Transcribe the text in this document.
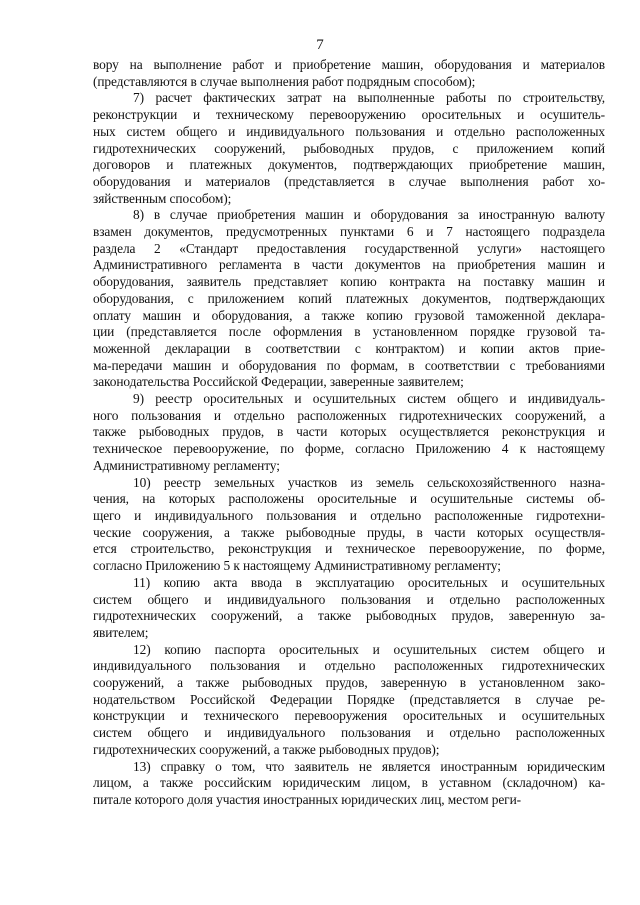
7
вору на выполнение работ и приобретение машин, оборудования и материалов
(представляются в случае выполнения работ подрядным способом);
7) расчет фактических затрат на выполненные работы по строительству,
реконструкции и техническому перевооружению оросительных и осушитель-
ных систем общего и индивидуального пользования и отдельно расположенных
гидротехнических сооружений, рыбоводных прудов, с приложением копий
договоров и платежных документов, подтверждающих приобретение машин,
оборудования и материалов (представляется в случае выполнения работ хо-
зяйственным способом);
8) в случае приобретения машин и оборудования за иностранную валюту
взамен документов, предусмотренных пунктами 6 и 7 настоящего подраздела
раздела 2 «Стандарт предоставления государственной услуги» настоящего
Административного регламента в части документов на приобретения машин и
оборудования, заявитель представляет копию контракта на поставку машин и
оборудования, с приложением копий платежных документов, подтверждающих
оплату машин и оборудования, а также копию грузовой таможенной деклара-
ции (представляется после оформления в установленном порядке грузовой та-
моженной декларации в соответствии с контрактом) и копии актов прие-
ма-передачи машин и оборудования по формам, в соответствии с требованиями
законодательства Российской Федерации, заверенные заявителем;
9) реестр оросительных и осушительных систем общего и индивидуаль-
ного пользования и отдельно расположенных гидротехнических сооружений, а
также рыбоводных прудов, в части которых осуществляется реконструкция и
техническое перевооружение, по форме, согласно Приложению 4 к настоящему
Административному регламенту;
10) реестр земельных участков из земель сельскохозяйственного назна-
чения, на которых расположены оросительные и осушительные системы об-
щего и индивидуального пользования и отдельно расположенные гидротехни-
ческие сооружения, а также рыбоводные пруды, в части которых осуществля-
ется строительство, реконструкция и техническое перевооружение, по форме,
согласно Приложению 5 к настоящему Административному регламенту;
11) копию акта ввода в эксплуатацию оросительных и осушительных
систем общего и индивидуального пользования и отдельно расположенных
гидротехнических сооружений, а также рыбоводных прудов, заверенную за-
явителем;
12) копию паспорта оросительных и осушительных систем общего и
индивидуального пользования и отдельно расположенных гидротехнических
сооружений, а также рыбоводных прудов, заверенную в установленном зако-
нодательством Российской Федерации Порядке (представляется в случае ре-
конструкции и технического перевооружения оросительных и осушительных
систем общего и индивидуального пользования и отдельно расположенных
гидротехнических сооружений, а также рыбоводных прудов);
13) справку о том, что заявитель не является иностранным юридическим
лицом, а также российским юридическим лицом, в уставном (складочном) ка-
питале которого доля участия иностранных юридических лиц, местом реги-
